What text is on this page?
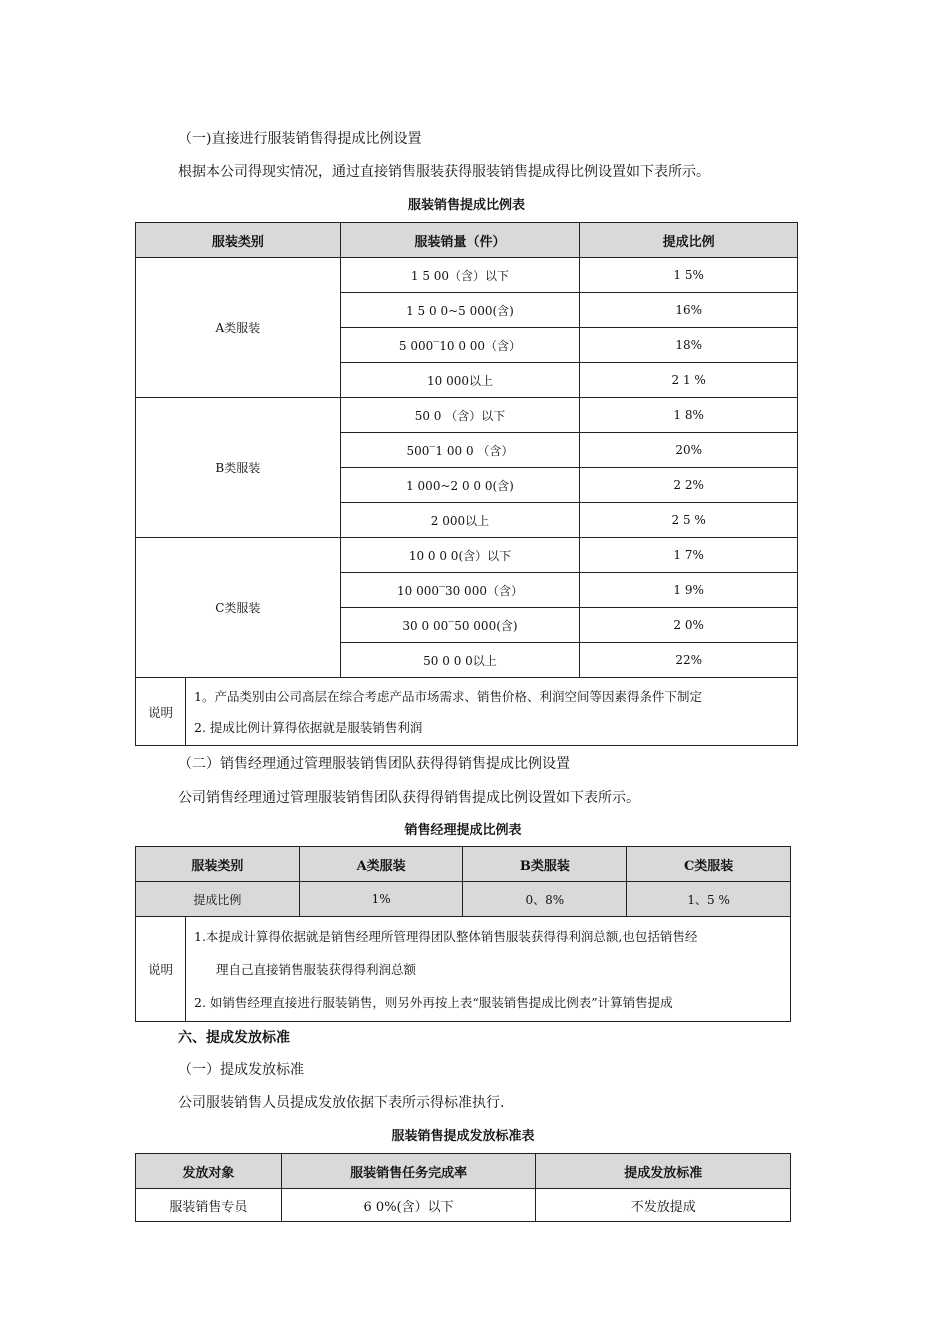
（一)直接进行服装销售得提成比例设置
根据本公司得现实情况，通过直接销售服装获得服装销售提成得比例设置如下表所示。
服装销售提成比例表
服装类别	服装销量（件）	提成比例
A类服装	1 5 00（含）以下	1 5%
	1 5 0 0~5 000(含)	16%
	5 000‾10 0 00（含）	18%
	10 000以上	2 1 %
B类服装	50 0 （含）以下	1 8%
	500‾1 00 0 （含）	20%
	1 000~2 0 0 0(含)	2 2%
	2 000以上	2 5 %
C类服装	10 0 0 0(含）以下	1 7%
	10 000‾30 000（含）	1 9%
	30 0 00‾50 000(含)	2 0%
	50 0 0 0以上	22%

说明
1。产品类别由公司高层在综合考虑产品市场需求、销售价格、利润空间等因素得条件下制定
2. 提成比例计算得依据就是服装销售利润		
（二）销售经理通过管理服装销售团队获得得销售提成比例设置
公司销售经理通过管理服装销售团队获得得销售提成比例设置如下表所示。
销售经理提成比例表
服装类别	A类服装	B类服装	C类服装
提成比例	1%	0、8%	1、5 %

说明
1.本提成计算得依据就是销售经理所管理得团队整体销售服装获得得利润总额,也包括销售经
理自己直接销售服装获得得利润总额
2. 如销售经理直接进行服装销售，则另外再按上表“服装销售提成比例表”计算销售提成			
六、提成发放标准
（一）提成发放标准
公司服装销售人员提成发放依据下表所示得标准执行.
服装销售提成发放标准表
发放对象	服装销售任务完成率	提成发放标准
服装销售专员	6 0%(含）以下	不发放提成
